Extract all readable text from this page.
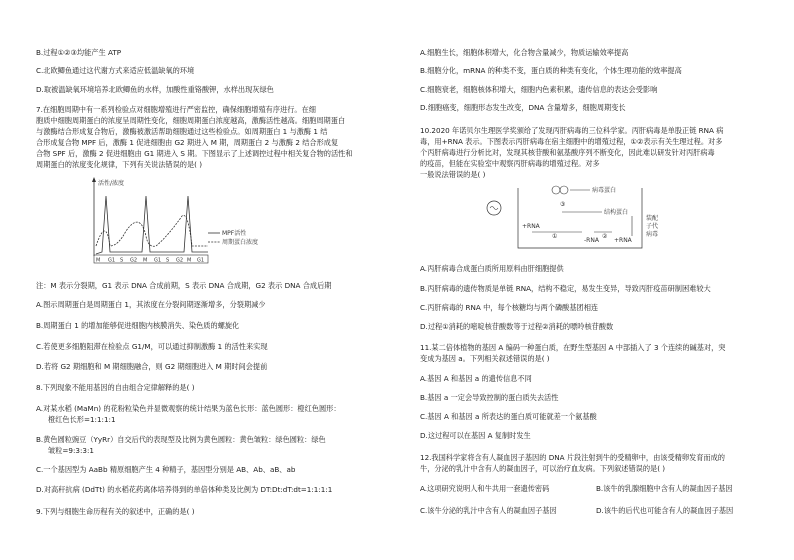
B.过程①②③均能产生 ATP

C.北欧鲫鱼通过这代谢方式来适应低温缺氧的环境

D.取被温缺氧环境培养北欧鲫鱼的水样，加酸性重铬酸钾，水样出现灰绿色

7.在细胞周期中有一系列检验点对细胞增殖进行严密监控，确保细胞增殖有序进行。在细

胞质中细胞周期蛋白的浓度呈周期性变化，细胞周期蛋白浓度越高，激酶活性越高。细胞周期蛋白

与激酶结合形成复合物后，激酶被激活帮助细胞通过这些检验点。如周期蛋白 1 与激酶 1 结

合形成复合物 MPF 后，激酶 1 促进细胞由 G2 期进入 M 期，周期蛋白 2 与激酶 2 结合形成复

合物 SPF 后，激酶 2 促进细胞由 G1 期进入 S 期。下图显示了上述调控过程中相关复合物的活性和

周期蛋白的浓度变化规律，下列有关说法错误的是( )

活性/浓度
MPF活性
周期蛋白浓度
M G1 S G2 M G1 S G2 M G1

注：M 表示分裂期，G1 表示 DNA 合成前期，S 表示 DNA 合成期，G2 表示 DNA 合成后期

A.图示周期蛋白是周期蛋白 1，其浓度在分裂间期逐渐增多，分裂期减少

B.周期蛋白 1 的增加能够促进细胞内核膜消失、染色质的螺旋化

C.若使更多细胞阻滞在检验点 G1/M，可以通过抑制激酶 1 的活性来实现

D.若将 G2 期细胞和 M 期细胞融合，则 G2 期细胞进入 M 期时间会提前

8.下列现象不能用基因的自由组合定律解释的是( )

A.对某水稻 (MaMn) 的花粉粒染色并显微观察的统计结果为蓝色长形：蓝色圆形：橙红色圆形：

橙红色长形=1:1:1:1

B.黄色圆粒豌豆（YyRr）自交后代的表现型及比例为黄色圆粒：黄色皱粒：绿色圆粒：绿色

皱粒=9:3:3:1

C.一个基因型为 AaBb 精原细胞产生 4 种精子，基因型分别是 AB、Ab、aB、ab

D.对高秆抗病 (DdTt) 的水稻花药离体培养得到的单倍体种类及比例为 DT:Dt:dT:dt=1:1:1:1

9.下列与细胞生命历程有关的叙述中，正确的是( )

A.细胞生长，细胞体积增大，化合物含量减少，物质运输效率提高

B.细胞分化，mRNA 的种类不变，蛋白质的种类有变化，个体生理功能的效率提高

C.细胞衰老，细胞核体积增大，细胞内色素积累，遗传信息的表达会受影响

D.细胞癌变，细胞形态发生改变，DNA 含量增多，细胞周期变长

10.2020 年诺贝尔生理医学奖颁给了发现丙肝病毒的三位科学家。丙肝病毒是单股正链 RNA 病

毒，用+RNA 表示。下图表示丙肝病毒在宿主细胞中的增殖过程，①②表示有关生理过程。对多

个丙肝病毒进行分析比对，发现其核苷酸和氨基酸序列不断变化，因此难以研发针对丙肝病毒

的疫苗，但能在实验室中观察丙肝病毒的增殖过程。对多

一般说法错误的是( )

病毒蛋白
③
结构蛋白
装配
子代
病毒
+RNA
①
-RNA
②
+RNA

A.丙肝病毒合成蛋白质所用原料由肝细胞提供

B.丙肝病毒的遗传物质是单链 RNA，结构不稳定，易发生变异，导致丙肝疫苗研制困难较大

C.丙肝病毒的 RNA 中，每个核糖均与两个磷酸基团相连

D.过程①消耗的嘧啶核苷酸数等于过程②消耗的嘌呤核苷酸数

11.某二倍体植物的基因 A 编码一种蛋白质，在野生型基因 A 中部插入了 3 个连续的碱基对，突

变成为基因 a。下列相关叙述错误的是( )

A.基因 A 和基因 a 的遗传信息不同

B.基因 a 一定会导致控制的蛋白质失去活性

C.基因 A 和基因 a 所表达的蛋白质可能就差一个氨基酸

D.这过程可以在基因 A 复制时发生

12.我国科学家将含有人凝血因子基因的 DNA 片段注射到牛的受精卵中，由该受精卵发育而成的

牛，分泌的乳汁中含有人的凝血因子，可以治疗血友病。下列叙述错误的是( )

A.这项研究说明人和牛共用一套遗传密码	B.该牛的乳腺细胞中含有人的凝血因子基因

C.该牛分泌的乳汁中含有人的凝血因子基因	D.该牛的后代也可能含有人的凝血因子基因
